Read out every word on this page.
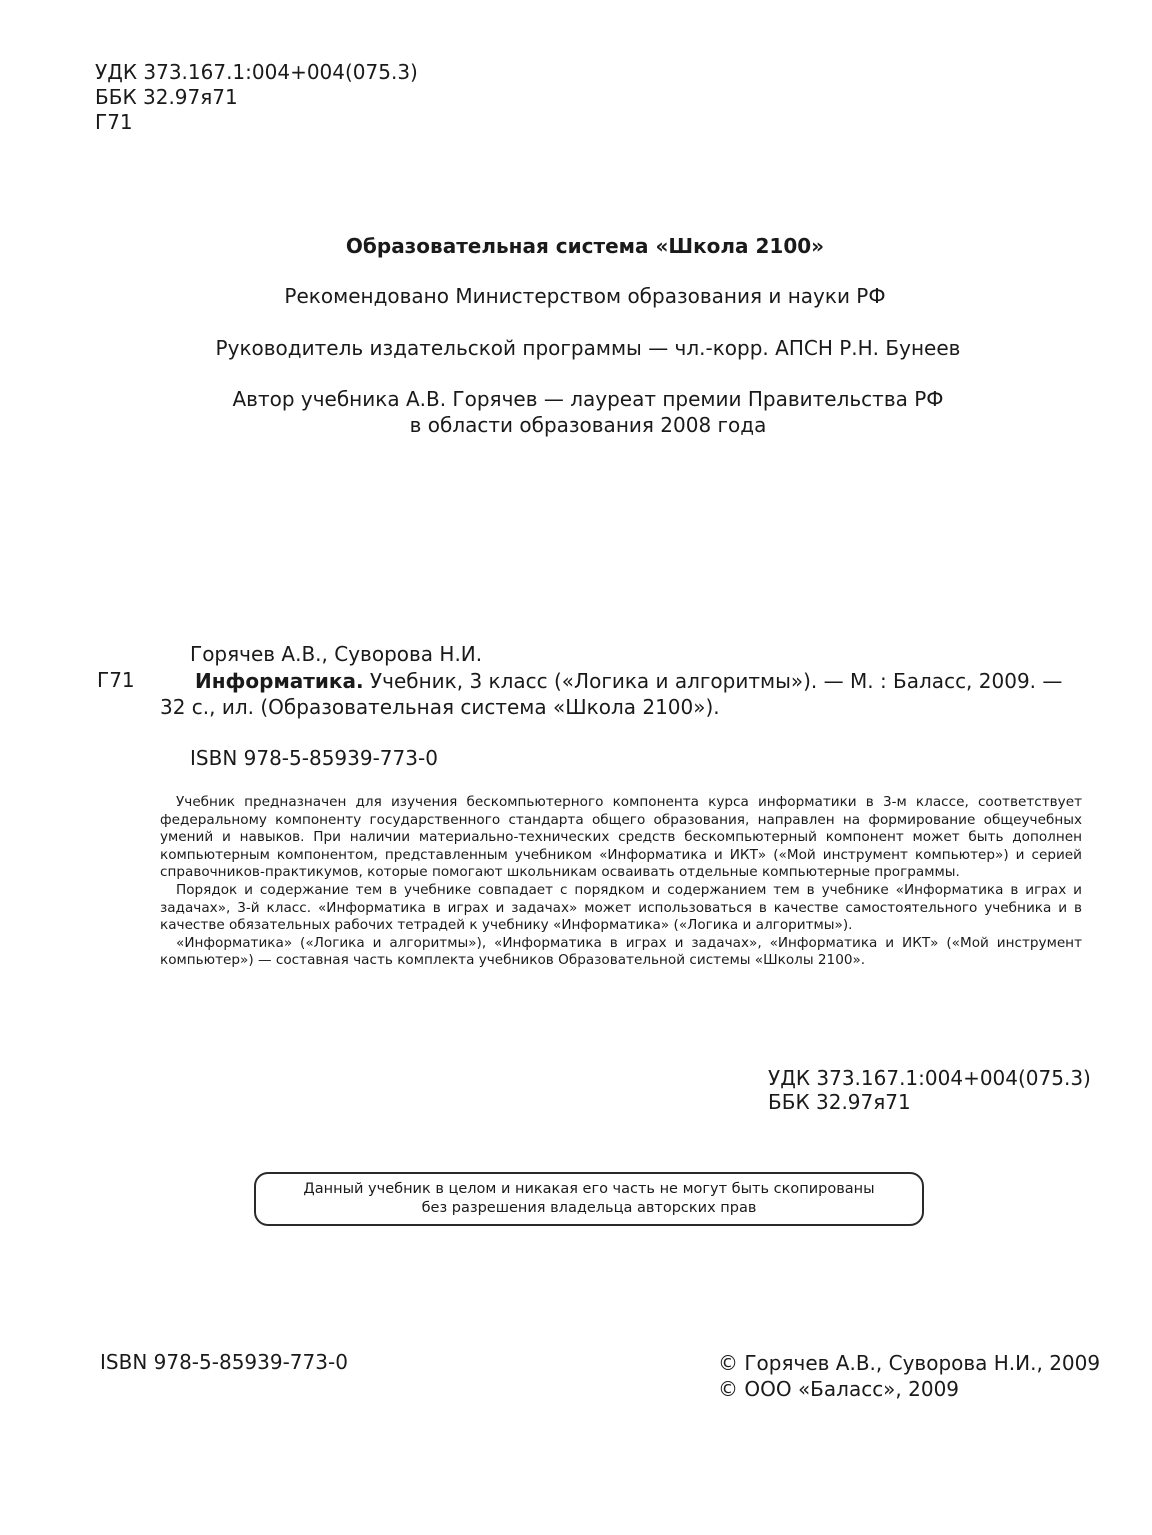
УДК 373.167.1:004+004(075.3)
ББК 32.97я71
Г71
Образовательная система «Школа 2100»
Рекомендовано Министерством образования и науки РФ
Руководитель издательской программы — чл.-корр. АПСН Р.Н. Бунеев
Автор учебника А.В. Горячев — лауреат премии Правительства РФ
в области образования 2008 года
Горячев А.В., Суворова Н.И.
Г71	Информатика. Учебник, 3 класс («Логика и алгоритмы»). — М. : Баласс, 2009. — 32 с., ил. (Образовательная система «Школа 2100»).
ISBN 978-5-85939-773-0

Учебник предназначен для изучения бескомпьютерного компонента курса информатики в 3-м классе, соответствует федеральному компоненту государственного стандарта общего образования, направлен на формирование общеучебных умений и навыков. При наличии материально-технических средств бескомпьютерный компонент может быть дополнен компьютерным компонентом, представленным учебником «Информатика и ИКТ» («Мой инструмент компьютер») и серией справочников-практикумов, которые помогают школьникам осваивать отдельные компьютерные программы.

Порядок и содержание тем в учебнике совпадает с порядком и содержанием тем в учебнике «Информатика в играх и задачах», 3-й класс. «Информатика в играх и задачах» может использоваться в качестве самостоятельного учебника и в качестве обязательных рабочих тетрадей к учебнику «Информатика» («Логика и алгоритмы»).

«Информатика» («Логика и алгоритмы»), «Информатика в играх и задачах», «Информатика и ИКТ» («Мой инструмент компьютер») — составная часть комплекта учебников Образовательной системы «Школы 2100».

УДК 373.167.1:004+004(075.3)
ББК 32.97я71
Данный учебник в целом и никакая его часть не могут быть скопированы
без разрешения владельца авторских прав
ISBN 978-5-85939-773-0	© Горячев А.В., Суворова Н.И., 2009
© ООО «Баласс», 2009
